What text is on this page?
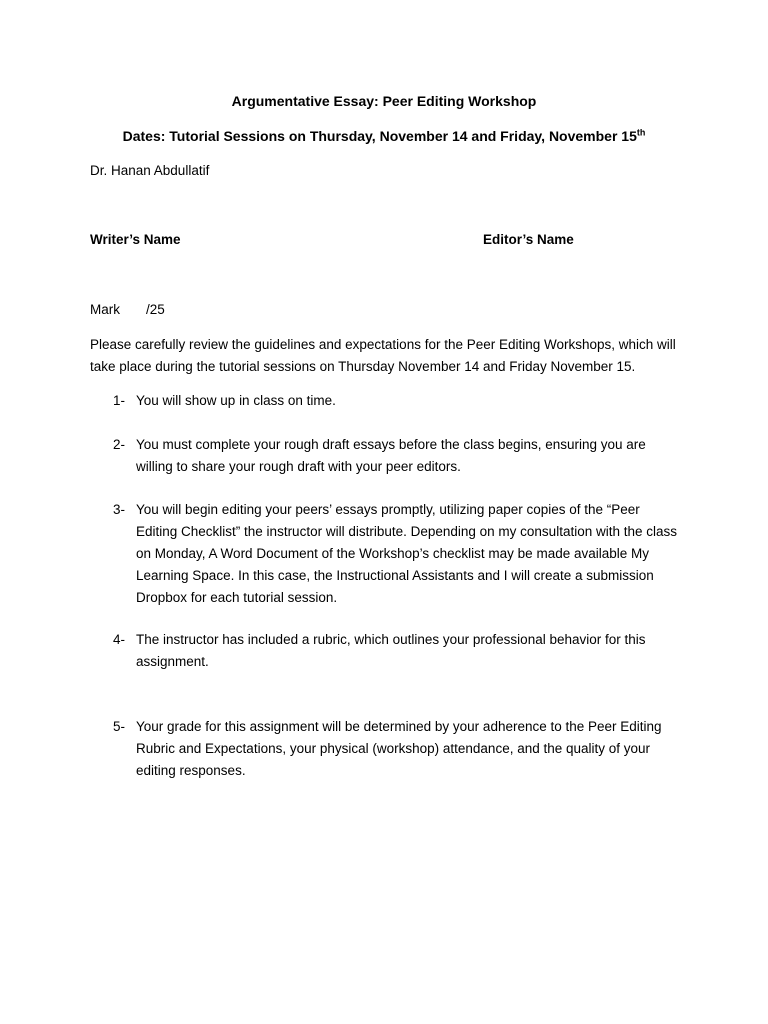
Argumentative Essay: Peer Editing Workshop
Dates: Tutorial Sessions on Thursday, November 14 and Friday, November 15th
Dr. Hanan Abdullatif
Writer’s Name	Editor’s Name
Mark /25
Please carefully review the guidelines and expectations for the Peer Editing Workshops, which will take place during the tutorial sessions on Thursday November 14 and Friday November 15.
1- You will show up in class on time.
2- You must complete your rough draft essays before the class begins, ensuring you are willing to share your rough draft with your peer editors.
3- You will begin editing your peers’ essays promptly, utilizing paper copies of the “Peer Editing Checklist” the instructor will distribute. Depending on my consultation with the class on Monday, A Word Document of the Workshop’s checklist may be made available My Learning Space. In this case, the Instructional Assistants and I will create a submission Dropbox for each tutorial session.
4- The instructor has included a rubric, which outlines your professional behavior for this assignment.
5- Your grade for this assignment will be determined by your adherence to the Peer Editing Rubric and Expectations, your physical (workshop) attendance, and the quality of your editing responses.
